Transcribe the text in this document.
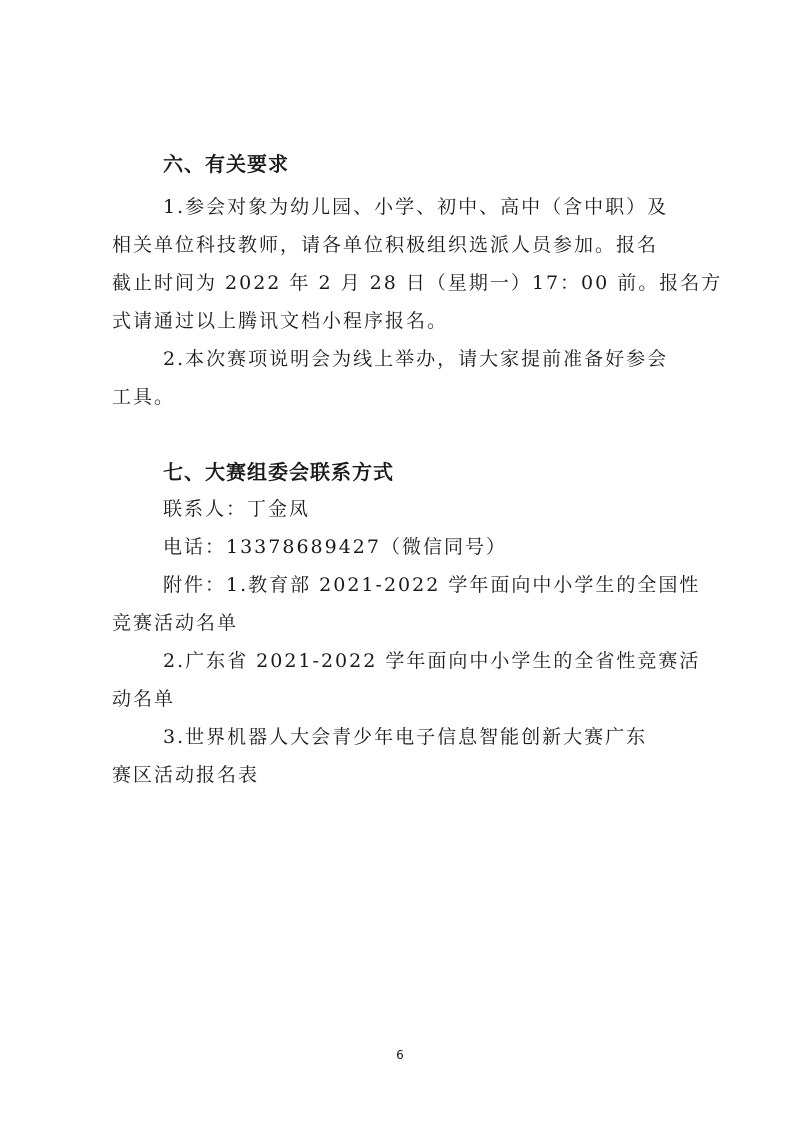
六、有关要求

1.参会对象为幼儿园、小学、初中、高中（含中职）及

相关单位科技教师，请各单位积极组织选派人员参加。报名

截止时间为 2022 年 2 月 28 日（星期一）17：00 前。报名方

式请通过以上腾讯文档小程序报名。

2.本次赛项说明会为线上举办，请大家提前准备好参会

工具。

七、大赛组委会联系方式

联系人：丁金凤

电话：13378689427（微信同号）

附件：1.教育部 2021-2022 学年面向中小学生的全国性

竞赛活动名单

2.广东省 2021-2022 学年面向中小学生的全省性竞赛活

动名单

3.世界机器人大会青少年电子信息智能创新大赛广东

赛区活动报名表

6
